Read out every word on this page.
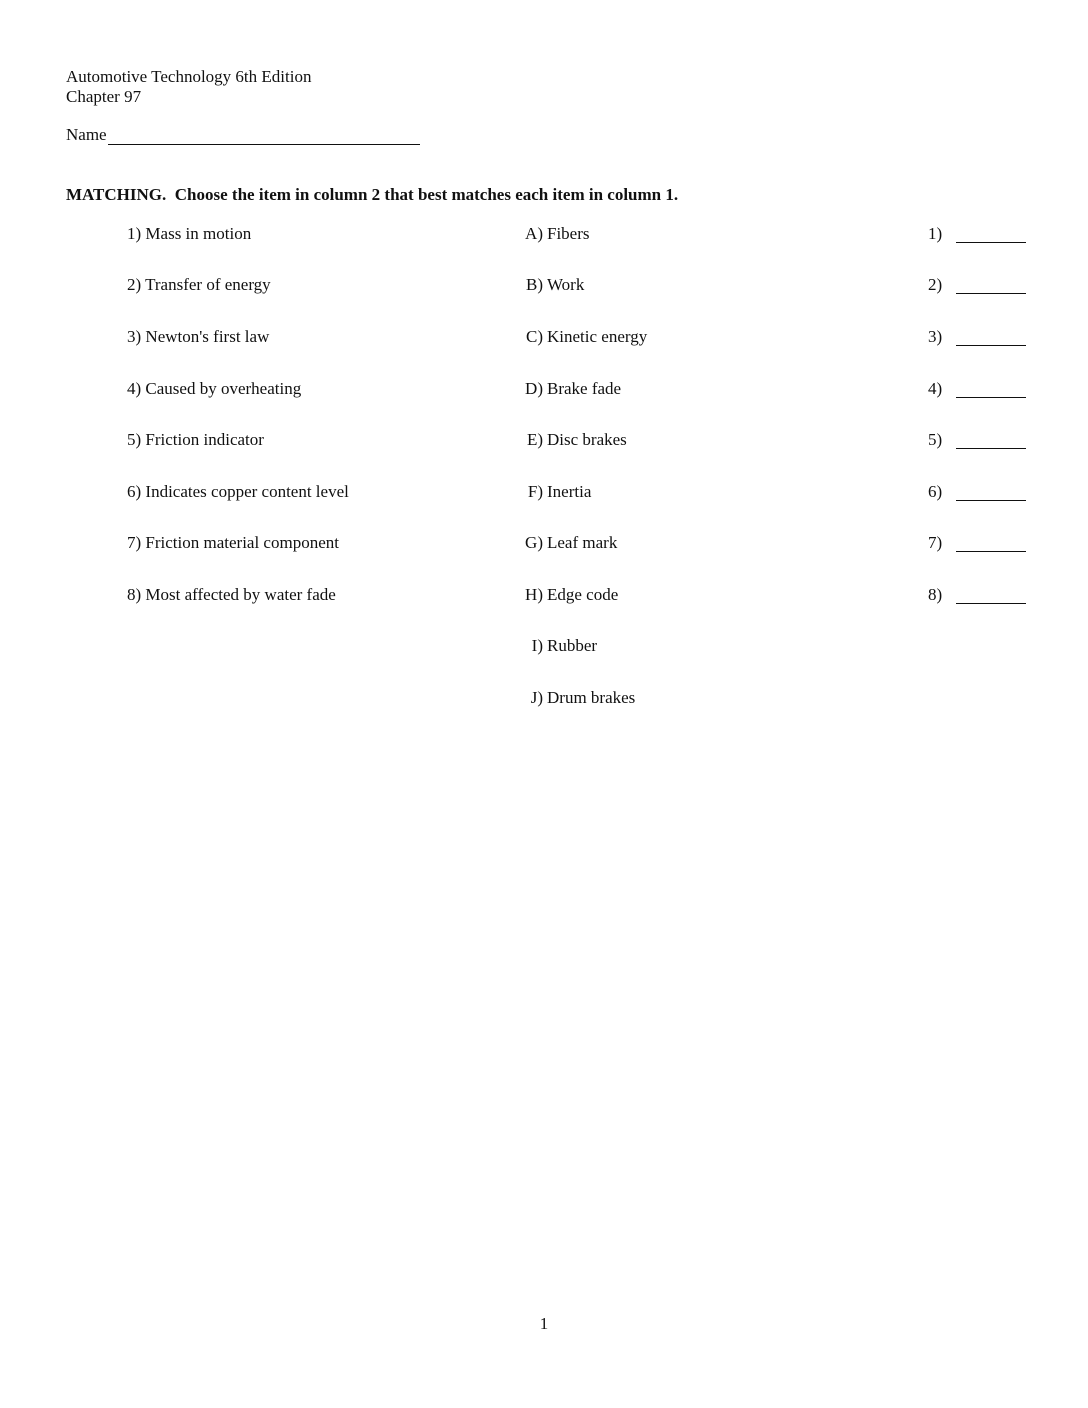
Automotive Technology 6th Edition
Chapter 97
Name
MATCHING.  Choose the item in column 2 that best matches each item in column 1.
1) Mass in motion	A) Fibers	1)
2) Transfer of energy	B) Work	2)
3) Newton's first law	C) Kinetic energy	3)
4) Caused by overheating	D) Brake fade	4)
5) Friction indicator	E) Disc brakes	5)
6) Indicates copper content level	F) Inertia	6)
7) Friction material component	G) Leaf mark	7)
8) Most affected by water fade	H) Edge code	8)
I) Rubber
J) Drum brakes
1
